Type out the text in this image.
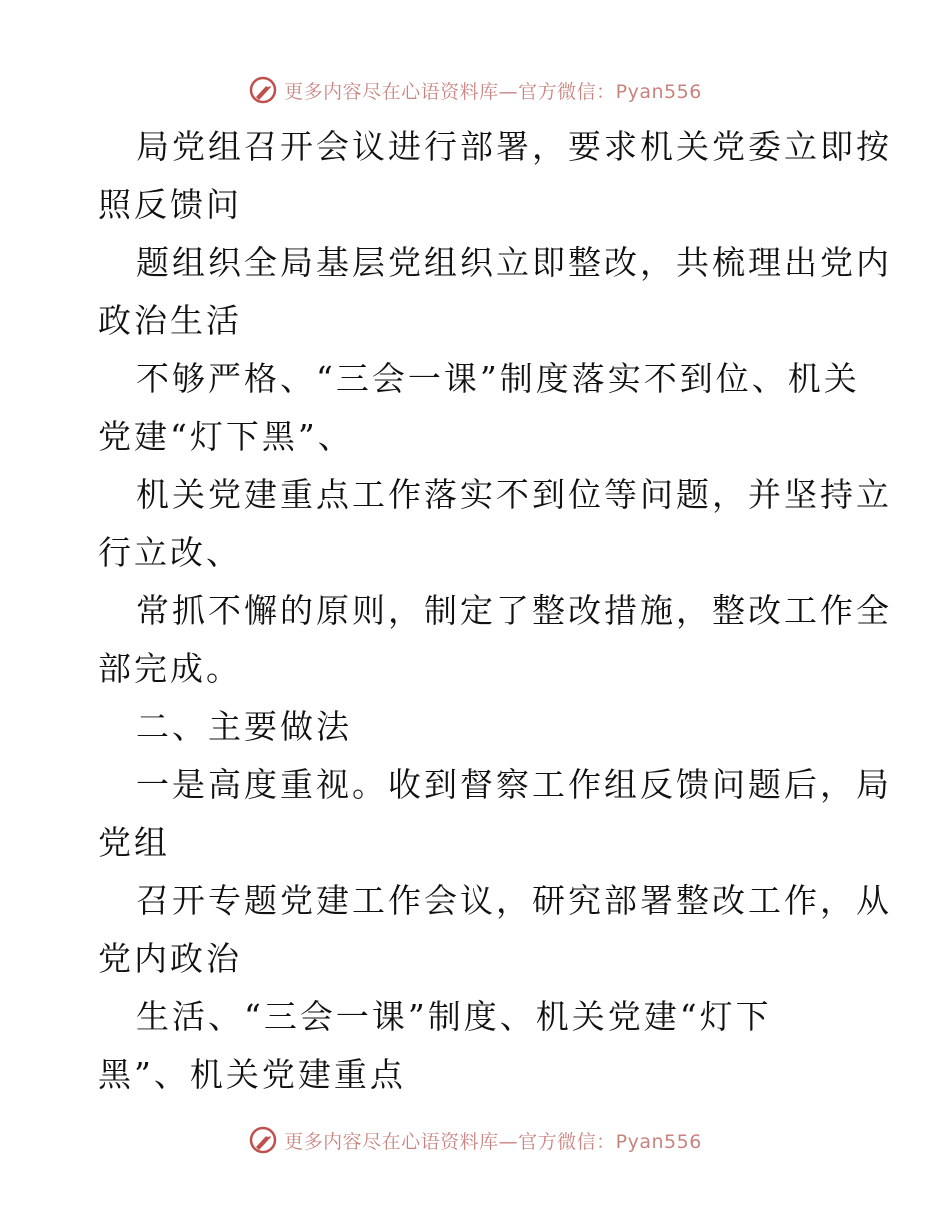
更多内容尽在心语资料库—官方微信：Pyan556

局党组召开会议进行部署，要求机关党委立即按
照反馈问

题组织全局基层党组织立即整改，共梳理出党内
政治生活

不够严格、“三会一课”制度落实不到位、机关
党建“灯下黑”、

机关党建重点工作落实不到位等问题，并坚持立
行立改、

常抓不懈的原则，制定了整改措施，整改工作全
部完成。

二、主要做法

一是高度重视。收到督察工作组反馈问题后，局
党组

召开专题党建工作会议，研究部署整改工作，从
党内政治

生活、“三会一课”制度、机关党建“灯下
黑”、机关党建重点

更多内容尽在心语资料库—官方微信：Pyan556
